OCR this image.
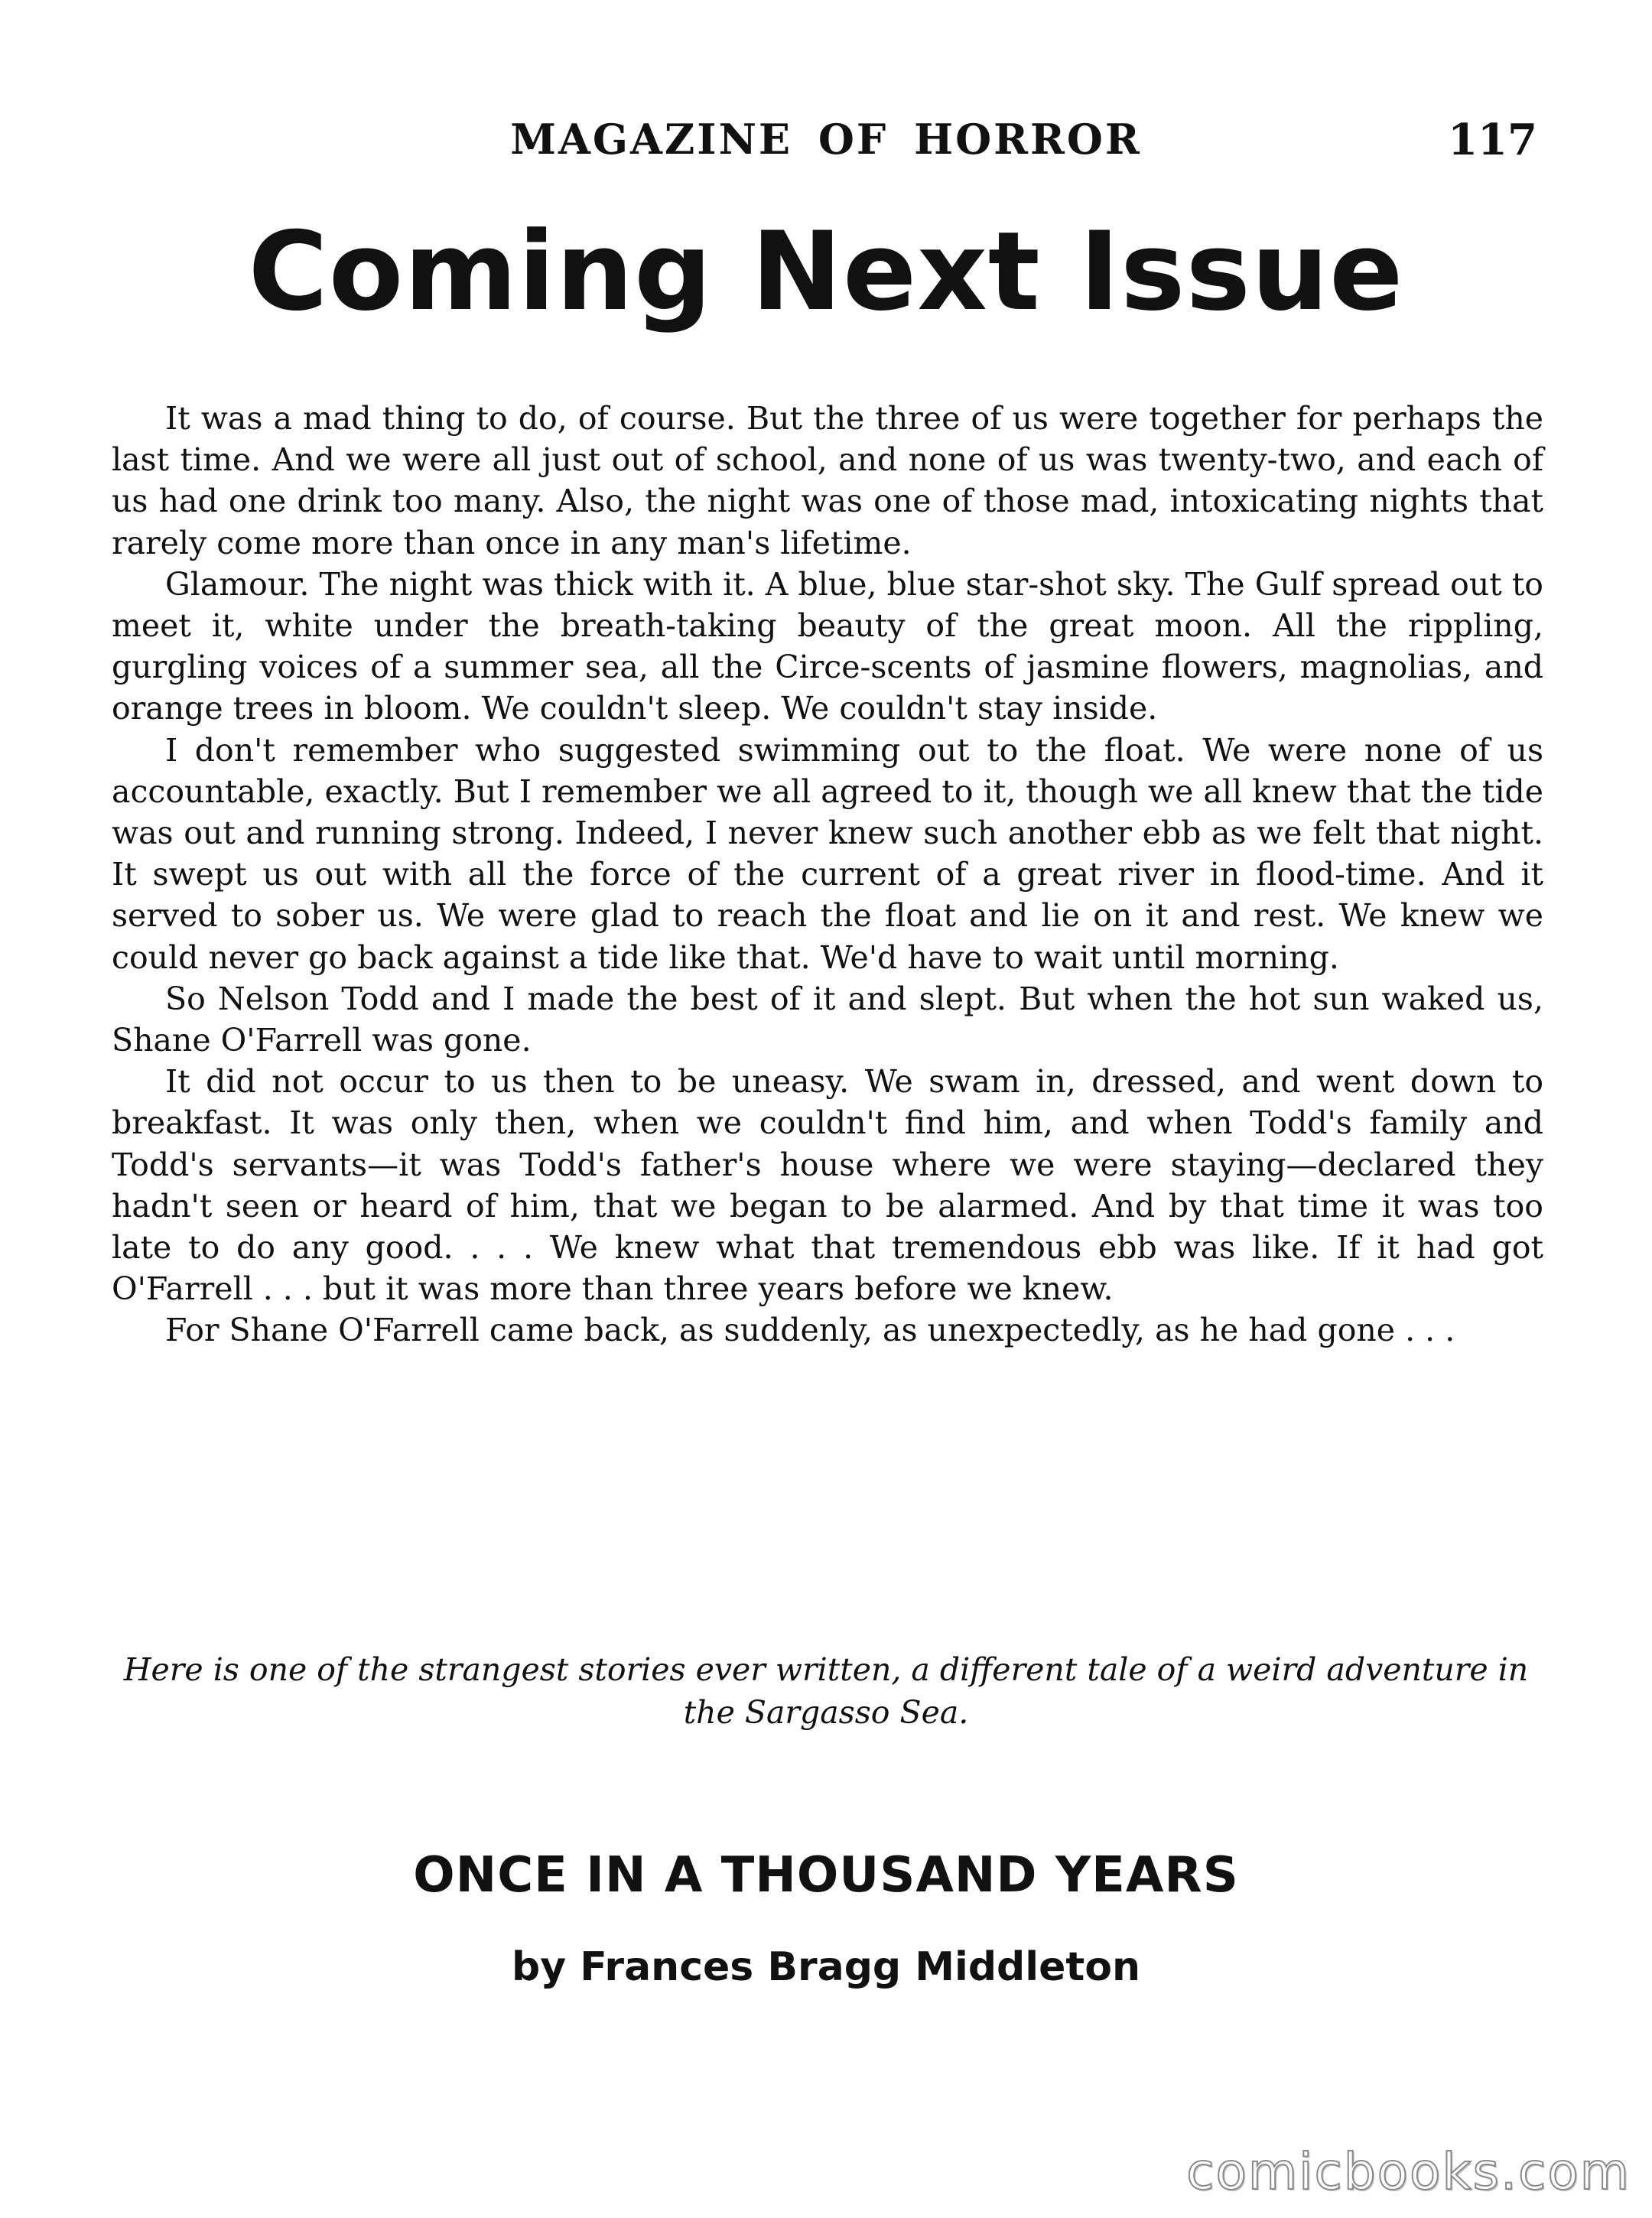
MAGAZINE OF HORROR	117
Coming Next Issue

It was a mad thing to do, of course. But the three of us were together for perhaps the last time. And we were all just out of school, and none of us was twenty-two, and each of us had one drink too many. Also, the night was one of those mad, intoxicating nights that rarely come more than once in any man's lifetime.

Glamour. The night was thick with it. A blue, blue star-shot sky. The Gulf spread out to meet it, white under the breath-taking beauty of the great moon. All the rippling, gurgling voices of a summer sea, all the Circe-scents of jasmine flowers, magnolias, and orange trees in bloom. We couldn't sleep. We couldn't stay inside.

I don't remember who suggested swimming out to the float. We were none of us accountable, exactly. But I remember we all agreed to it, though we all knew that the tide was out and running strong. Indeed, I never knew such another ebb as we felt that night. It swept us out with all the force of the current of a great river in flood-time. And it served to sober us. We were glad to reach the float and lie on it and rest. We knew we could never go back against a tide like that. We'd have to wait until morning.

So Nelson Todd and I made the best of it and slept. But when the hot sun waked us, Shane O'Farrell was gone.

It did not occur to us then to be uneasy. We swam in, dressed, and went down to breakfast. It was only then, when we couldn't find him, and when Todd's family and Todd's servants—it was Todd's father's house where we were staying—declared they hadn't seen or heard of him, that we began to be alarmed. And by that time it was too late to do any good. . . . We knew what that tremendous ebb was like. If it had got O'Farrell . . . but it was more than three years before we knew.

For Shane O'Farrell came back, as suddenly, as unexpectedly, as he had gone . . .

Here is one of the strangest stories ever written, a different tale of a weird adventure in the Sargasso Sea.
ONCE IN A THOUSAND YEARS
by Frances Bragg Middleton
comicbooks.com
